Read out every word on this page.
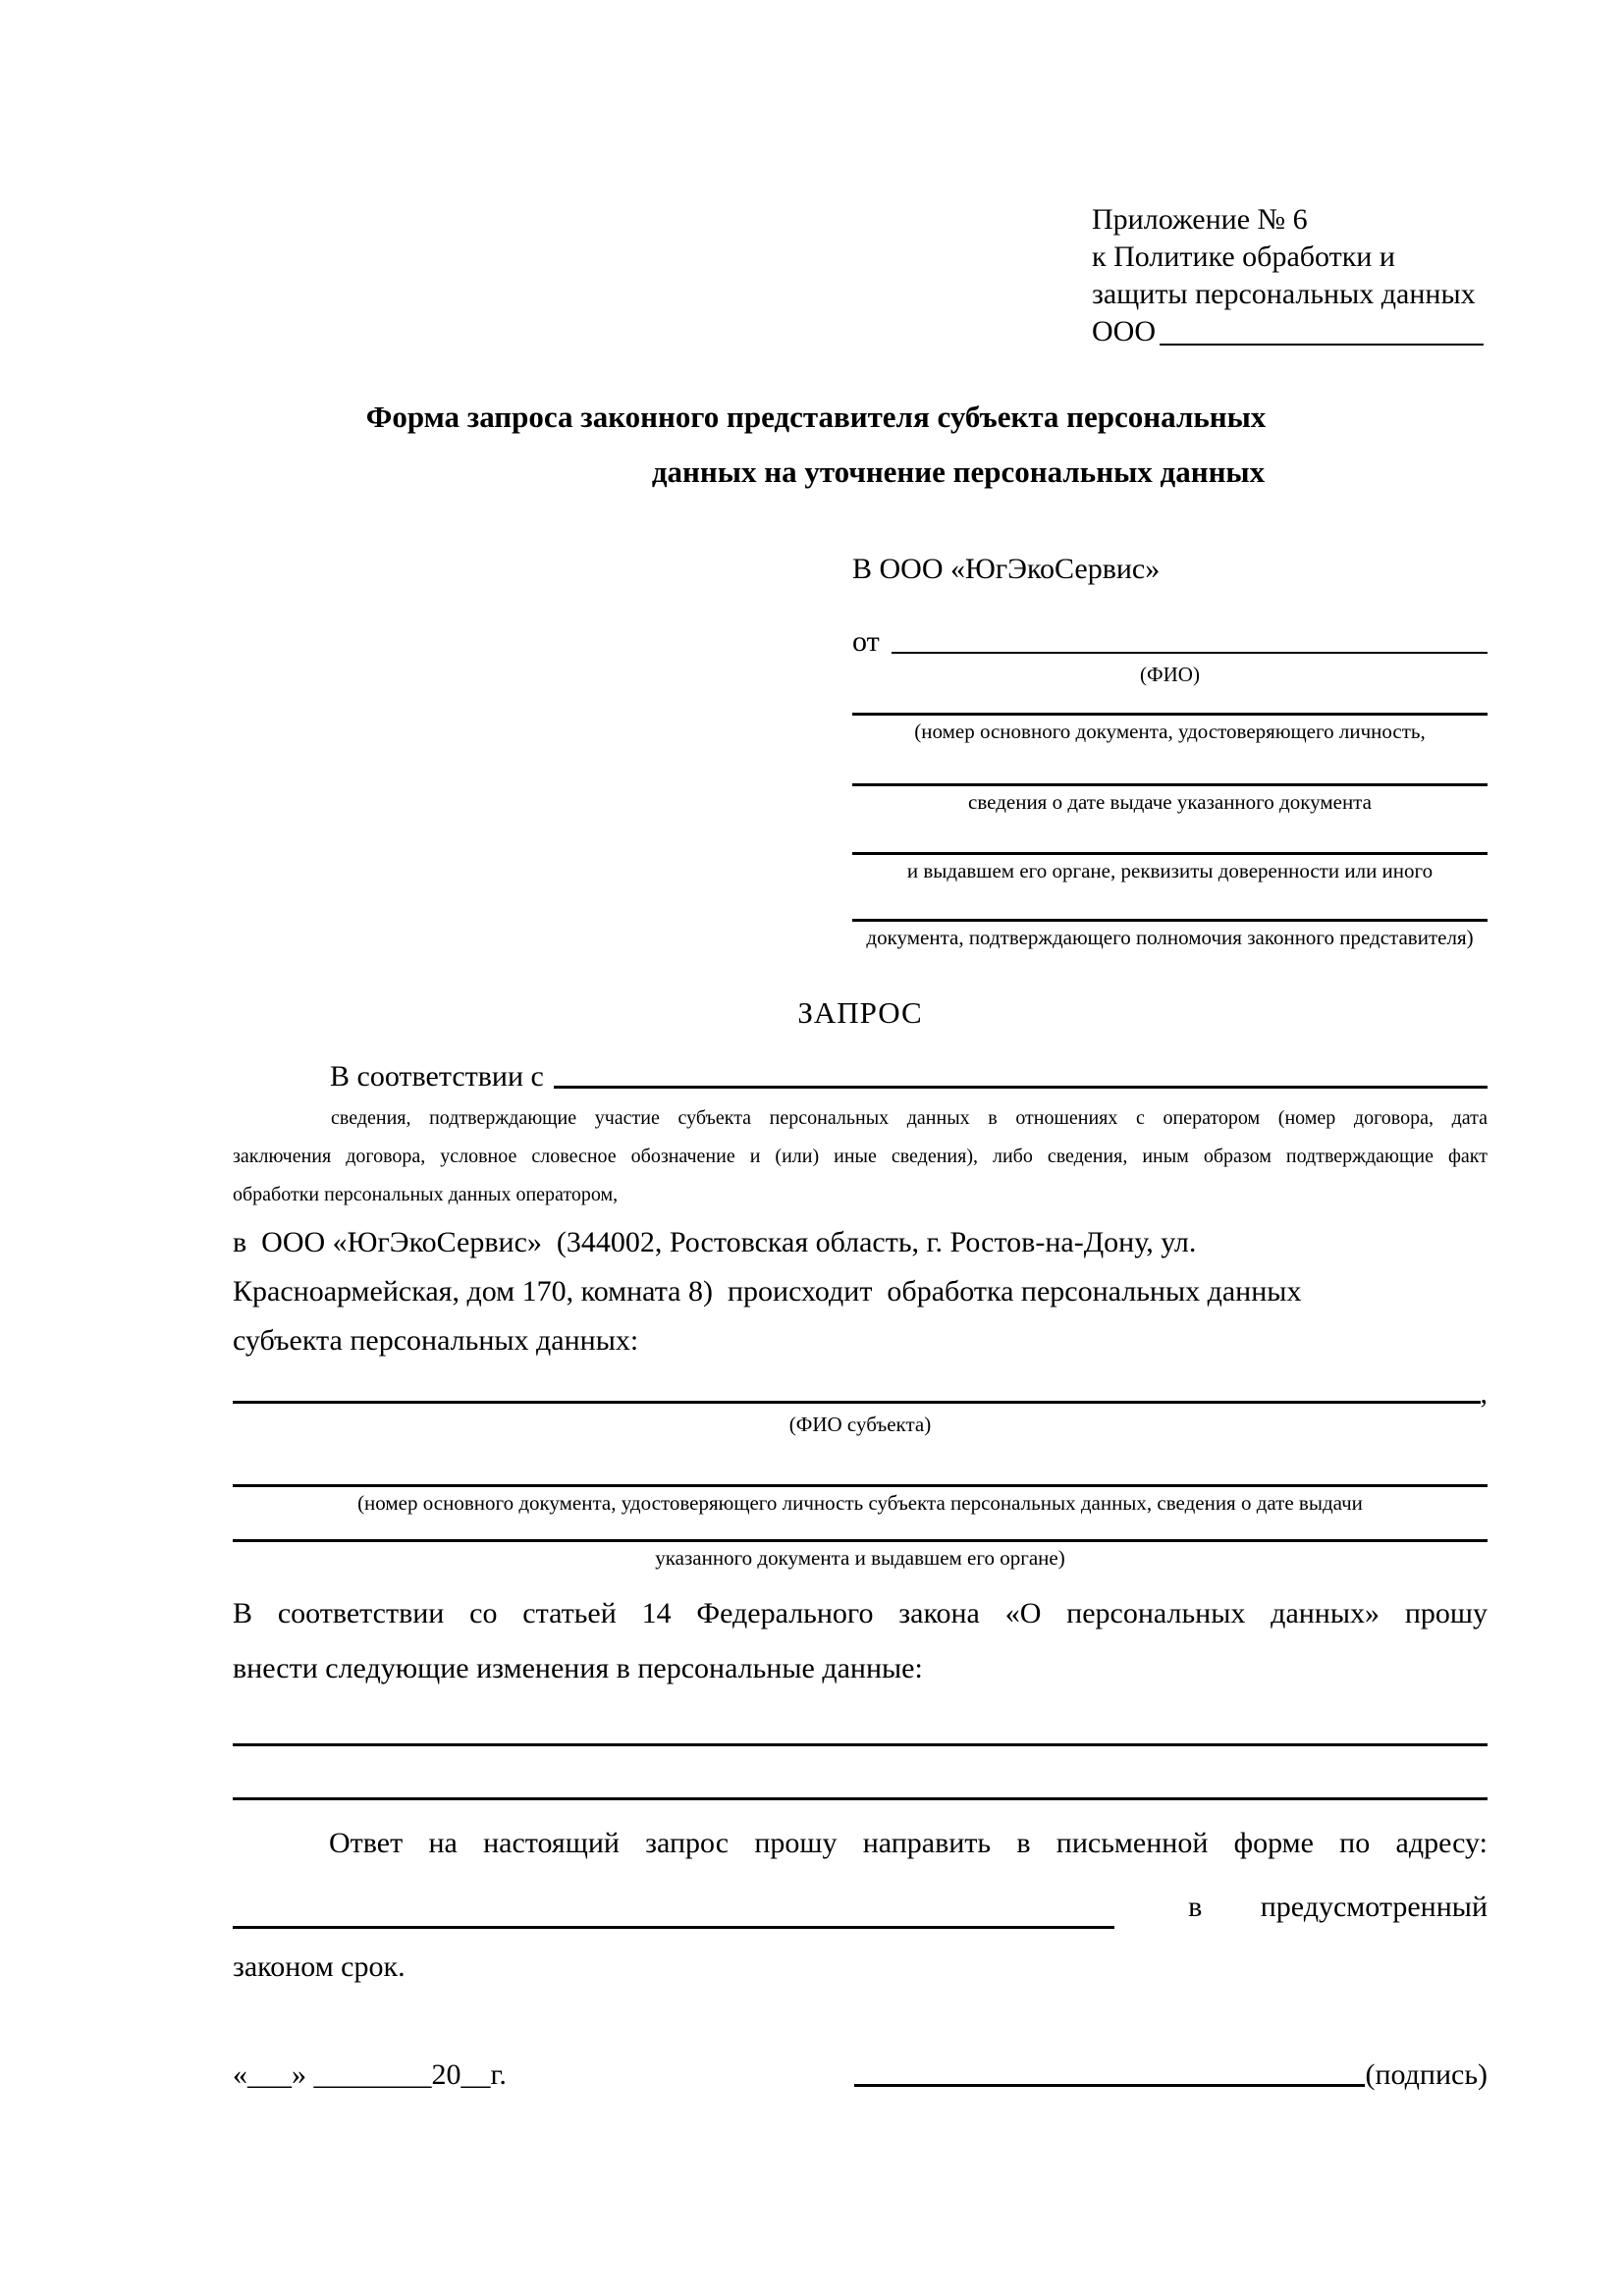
Приложение № 6
к Политике обработки и
защиты персональных данных
ООО
Форма запроса законного представителя субъекта персональных
данных на уточнение персональных данных
В ООО «ЮгЭкоСервис»
от
(ФИО)
(номер основного документа, удостоверяющего личность,
сведения о дате выдаче указанного документа
и выдавшем его органе, реквизиты доверенности или иного
документа, подтверждающего полномочия законного представителя)
ЗАПРОС
В соответствии с
сведения, подтверждающие участие субъекта персональных данных в отношениях с оператором (номер договора, дата
заключения договора, условное словесное обозначение и (или) иные сведения), либо сведения, иным образом подтверждающие факт
обработки персональных данных оператором,
в  ООО «ЮгЭкоСервис»  (344002, Ростовская область, г. Ростов-на-Дону, ул.
Красноармейская, дом 170, комната 8)  происходит  обработка персональных данных
субъекта персональных данных:
,
(ФИО субъекта)
(номер основного документа, удостоверяющего личность субъекта персональных данных, сведения о дате выдачи
указанного документа и выдавшем его органе)
В соответствии со статьей 14 Федерального закона «О персональных данных» прошу
внести следующие изменения в персональные данные:
Ответ на настоящий запрос прошу направить в письменной форме по адресу:
в предусмотренный
законом срок.
«___» ________20__г.	(подпись)
